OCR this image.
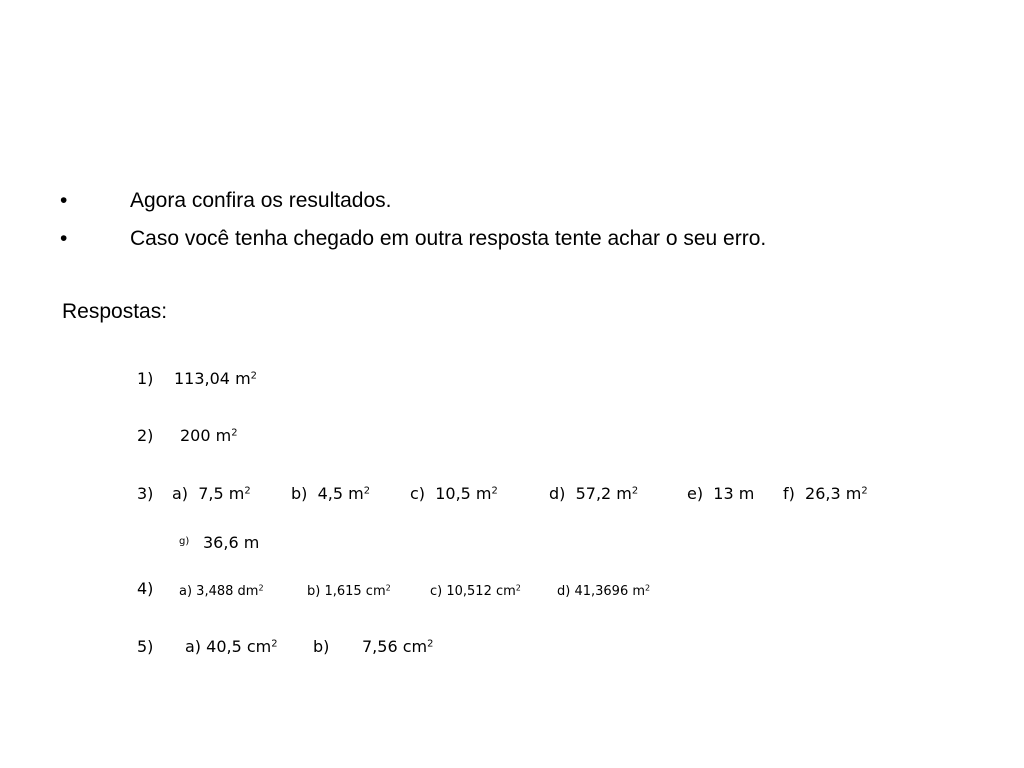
•	Agora confira os resultados.
•	Caso você tenha chegado em outra resposta tente achar o seu erro.
Respostas:
1) 113,04 $m^2$
2) 200 $m^2$
3) a) 7,5 $m^2$	b) 4,5 $m^2$ c) 10,5 $m^2$	d) 57,2 $m^2$	e) 13 m f) 26,3 $m^2$
g) 36,6 m
4) a) 3,488 $dm^2$	b) 1,615 $cm^2$	c) 10,512 $cm^2$	d) 41,3696 $m^2$
5) a) 40,5 $cm^2$ b) 7,56 $cm^2$
